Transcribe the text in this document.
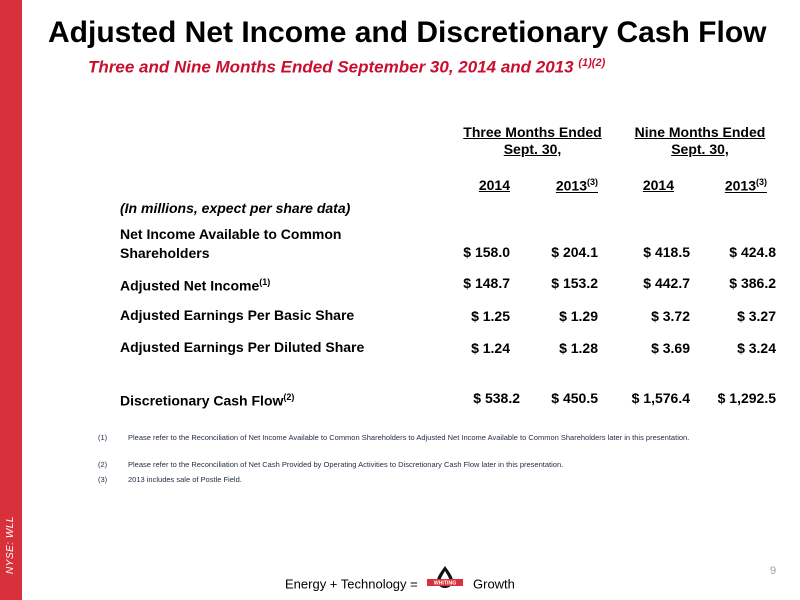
NYSE: WLL
Adjusted Net Income and Discretionary Cash Flow
Three and Nine Months Ended September 30, 2014 and 2013 $^{(1)(2)}$
Three Months Ended
Sept. 30,
Nine Months Ended
Sept. 30,
2014	2013$^{(3)}$	2014	2013$^{(3)}$
(In millions, expect per share data)
Net Income Available to Common
Shareholders	$ 158.0	$ 204.1	$ 418.5	$ 424.8
Adjusted Net Income$^{(1)}$	$ 148.7	$ 153.2	$ 442.7	$ 386.2
Adjusted Earnings Per Basic Share	$ 1.25	$ 1.29	$ 3.72	$ 3.27
Adjusted Earnings Per Diluted Share	$ 1.24	$ 1.28	$ 3.69	$ 3.24
Discretionary Cash Flow$^{(2)}$	$ 538.2	$ 450.5	$ 1,576.4	$ 1,292.5
(1)	Please refer to the Reconciliation of Net Income Available to Common Shareholders to Adjusted Net Income Available to Common Shareholders later in this presentation.
(2)	Please refer to the Reconciliation of Net Cash Provided by Operating Activities to Discretionary Cash Flow later in this presentation.
(3)	2013 includes sale of Postle Field.
9
Energy + Technology =	WHITING Growth
